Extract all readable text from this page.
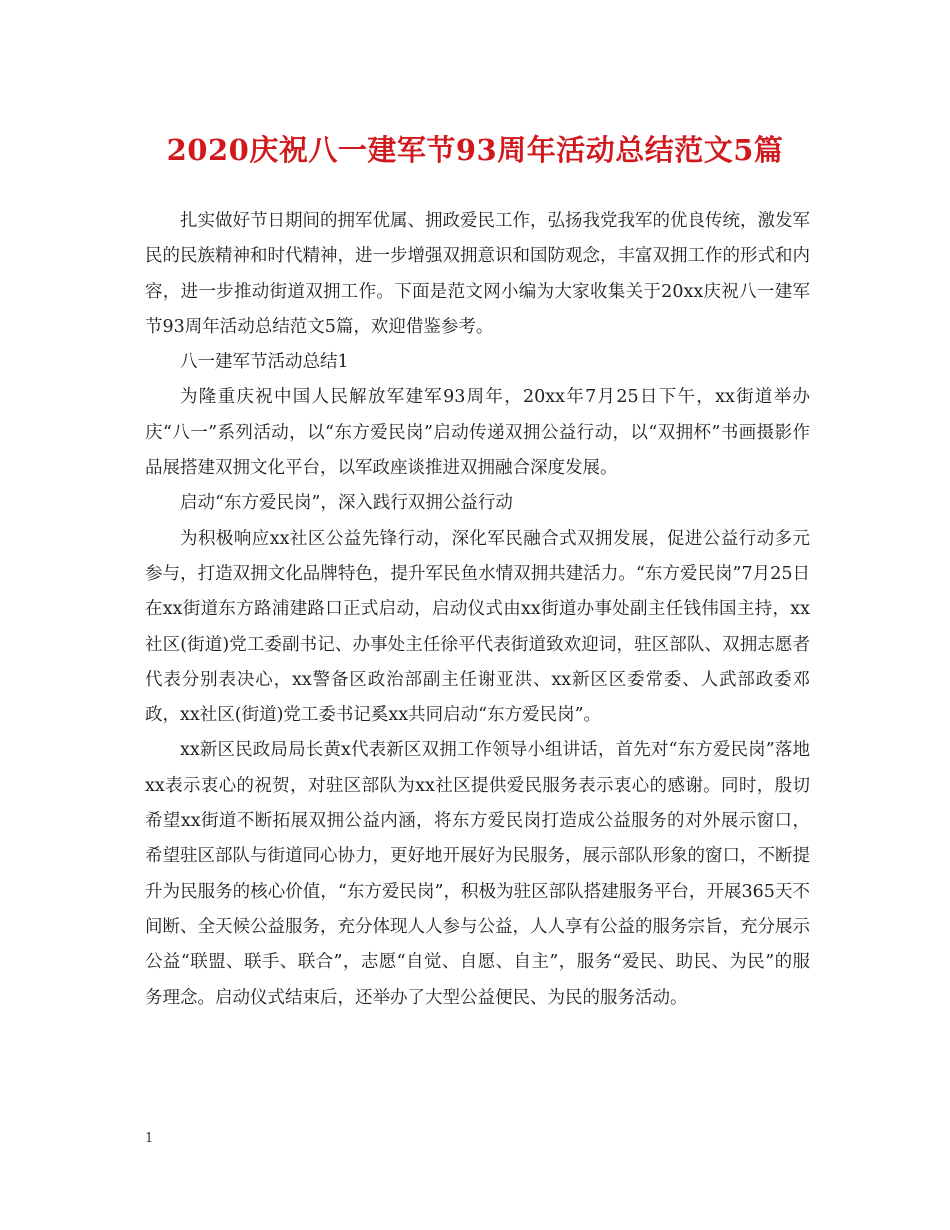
2020庆祝八一建军节93周年活动总结范文5篇

扎实做好节日期间的拥军优属、拥政爱民工作，弘扬我党我军的优良传统，激发军民的民族精神和时代精神，进一步增强双拥意识和国防观念，丰富双拥工作的形式和内容，进一步推动街道双拥工作。下面是范文网小编为大家收集关于20xx庆祝八一建军节93周年活动总结范文5篇，欢迎借鉴参考。

八一建军节活动总结1

为隆重庆祝中国人民解放军建军93周年，20xx年7月25日下午，xx街道举办庆“八一”系列活动，以“东方爱民岗”启动传递双拥公益行动，以“双拥杯”书画摄影作品展搭建双拥文化平台，以军政座谈推进双拥融合深度发展。

启动“东方爱民岗”，深入践行双拥公益行动

为积极响应xx社区公益先锋行动，深化军民融合式双拥发展，促进公益行动多元参与，打造双拥文化品牌特色，提升军民鱼水情双拥共建活力。“东方爱民岗”7月25日在xx街道东方路浦建路口正式启动，启动仪式由xx街道办事处副主任钱伟国主持，xx社区(街道)党工委副书记、办事处主任徐平代表街道致欢迎词，驻区部队、双拥志愿者代表分别表决心，xx警备区政治部副主任谢亚洪、xx新区区委常委、人武部政委邓政，xx社区(街道)党工委书记奚xx共同启动“东方爱民岗”。

xx新区民政局局长黄x代表新区双拥工作领导小组讲话，首先对“东方爱民岗”落地xx表示衷心的祝贺，对驻区部队为xx社区提供爱民服务表示衷心的感谢。同时，殷切希望xx街道不断拓展双拥公益内涵，将东方爱民岗打造成公益服务的对外展示窗口，希望驻区部队与街道同心协力，更好地开展好为民服务，展示部队形象的窗口，不断提升为民服务的核心价值，“东方爱民岗”，积极为驻区部队搭建服务平台，开展365天不间断、全天候公益服务，充分体现人人参与公益，人人享有公益的服务宗旨，充分展示公益“联盟、联手、联合”，志愿“自觉、自愿、自主”，服务“爱民、助民、为民”的服务理念。启动仪式结束后，还举办了大型公益便民、为民的服务活动。

1
